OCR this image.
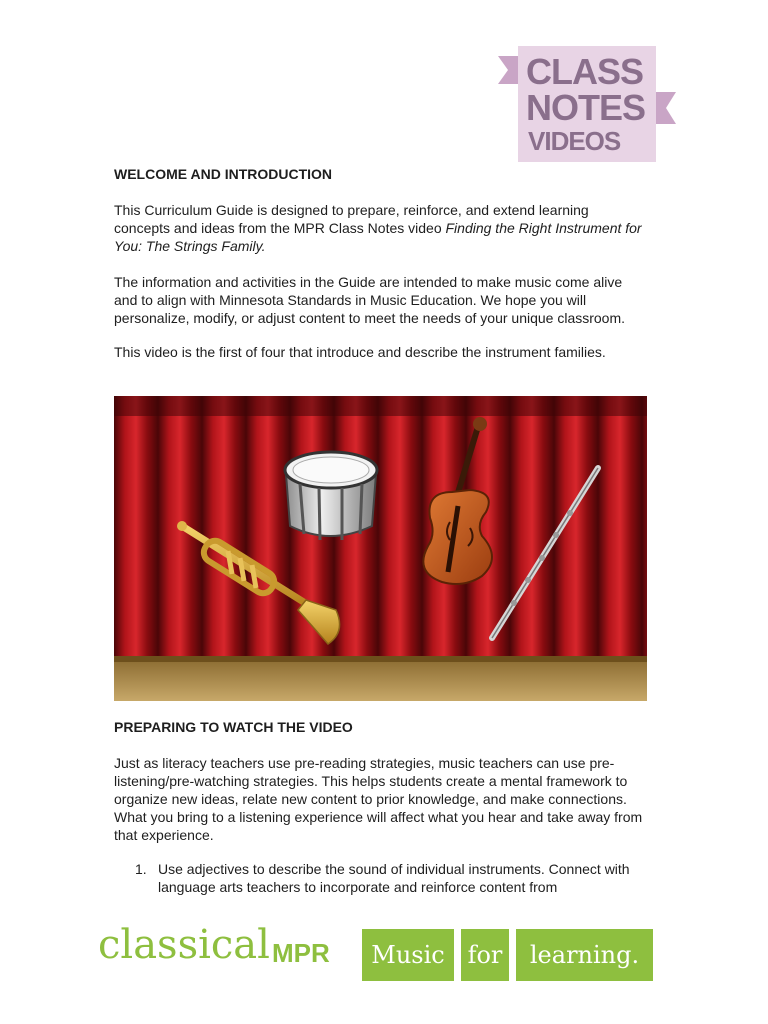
CLASS
NOTES
VIDEOS
WELCOME AND INTRODUCTION

This Curriculum Guide is designed to prepare, reinforce, and extend learning concepts and ideas from the MPR Class Notes video Finding the Right Instrument for You: The Strings Family.

The information and activities in the Guide are intended to make music come alive and to align with Minnesota Standards in Music Education. We hope you will personalize, modify, or adjust content to meet the needs of your unique classroom.

This video is the first of four that introduce and describe the instrument families.

PREPARING TO WATCH THE VIDEO

Just as literacy teachers use pre-reading strategies, music teachers can use pre-listening/pre-watching strategies. This helps students create a mental framework to organize new ideas, relate new content to prior knowledge, and make connections. What you bring to a listening experience will affect what you hear and take away from that experience.

1. Use adjectives to describe the sound of individual instruments. Connect with language arts teachers to incorporate and reinforce content from
classical MPR	Music for	learning.
